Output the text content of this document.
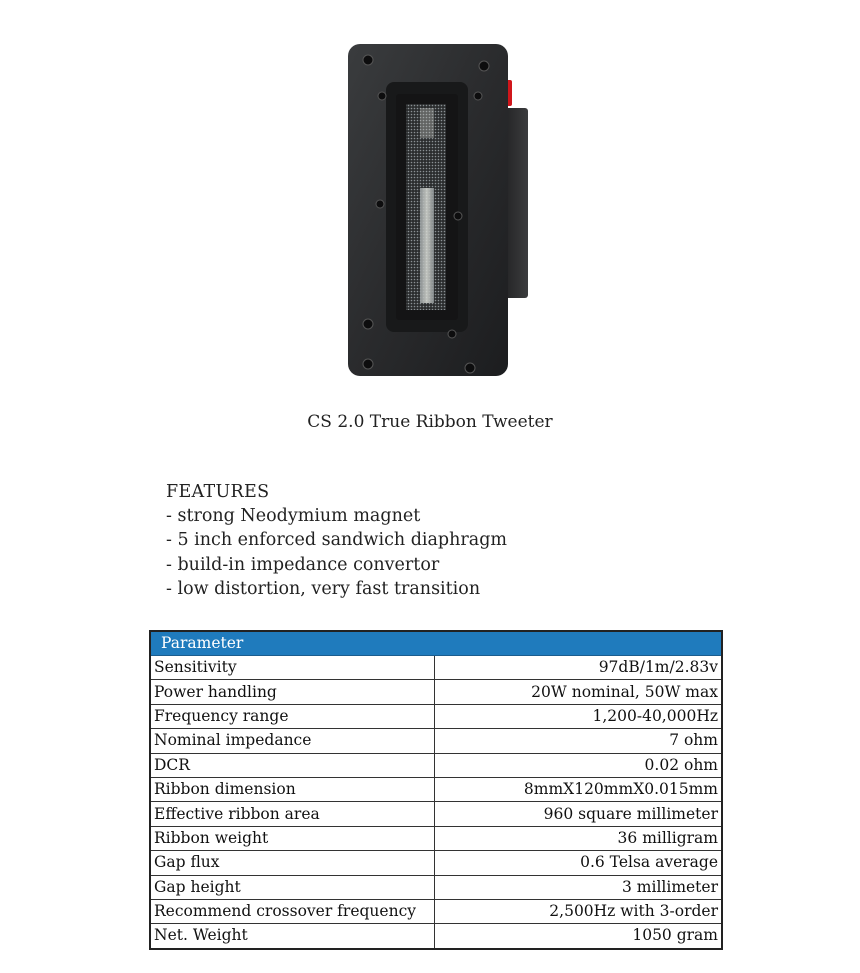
CS 2.0 True Ribbon Tweeter
FEATURES
- strong Neodymium magnet
- 5 inch enforced sandwich diaphragm
- build-in impedance convertor
- low distortion, very fast transition
Parameter	
Sensitivity	97dB/1m/2.83v
Power handling	20W nominal, 50W max
Frequency range	1,200-40,000Hz
Nominal impedance	7 ohm
DCR	0.02 ohm
Ribbon dimension	8mmX120mmX0.015mm
Effective ribbon area	960 square millimeter
Ribbon weight	36 milligram
Gap flux	0.6 Telsa average
Gap height	3 millimeter
Recommend crossover frequency	2,500Hz with 3-order
Net. Weight	1050 gram
